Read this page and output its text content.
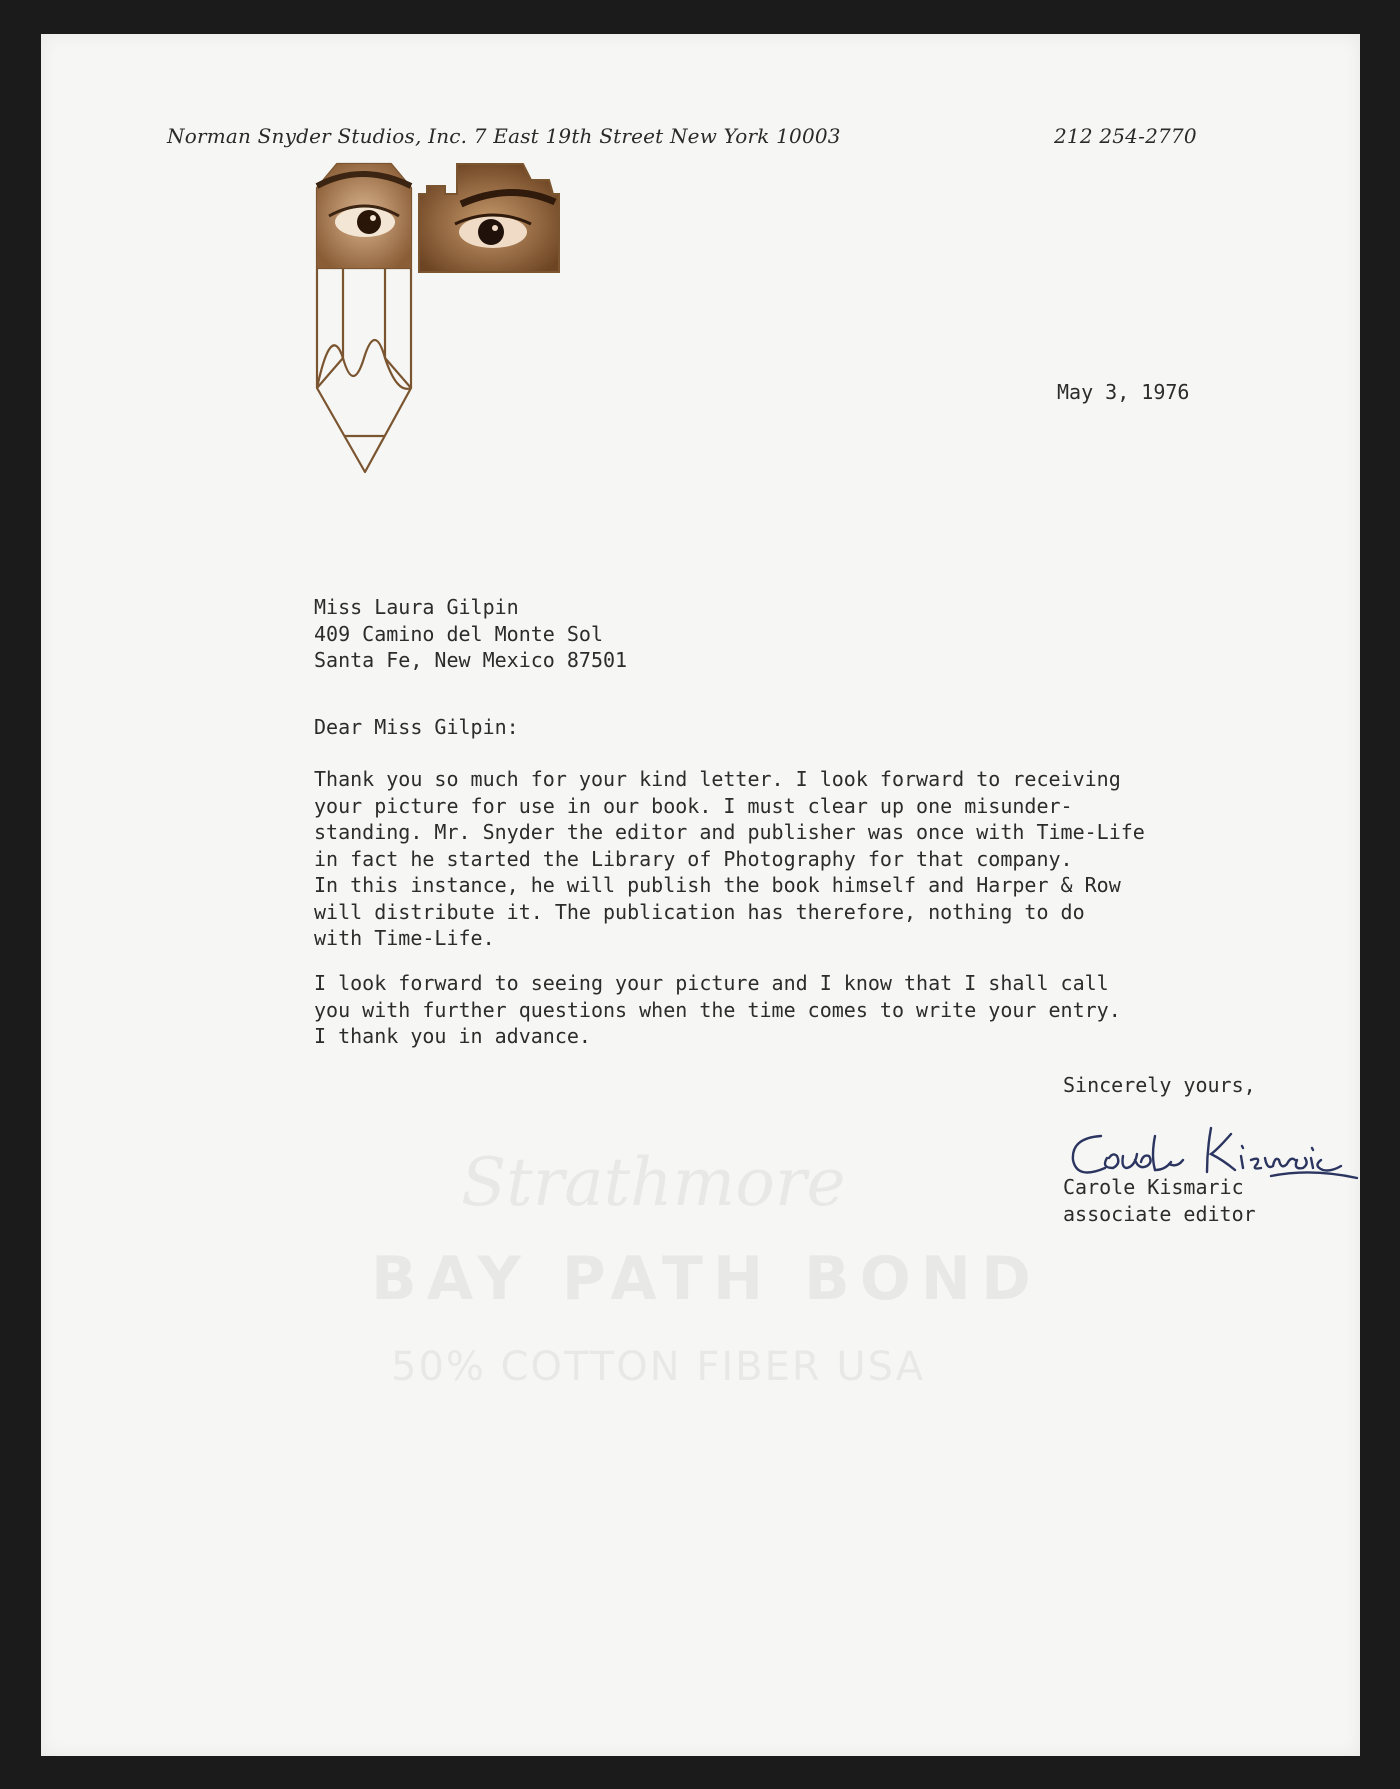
Norman Snyder Studios, Inc. 7 East 19th Street New York 10003	212 254-2770
May 3, 1976
Miss Laura Gilpin
409 Camino del Monte Sol
Santa Fe, New Mexico 87501
Dear Miss Gilpin:
Thank you so much for your kind letter. I look forward to receiving
your picture for use in our book. I must clear up one misunder-
standing. Mr. Snyder the editor and publisher was once with Time-Life
in fact he started the Library of Photography for that company.
In this instance, he will publish the book himself and Harper & Row
will distribute it. The publication has therefore, nothing to do
with Time-Life.
I look forward to seeing your picture and I know that I shall call
you with further questions when the time comes to write your entry.
I thank you in advance.
Sincerely yours,
Strathmore
BAY PATH BOND
50% COTTON FIBER USA
Carole Kismaric
associate editor
